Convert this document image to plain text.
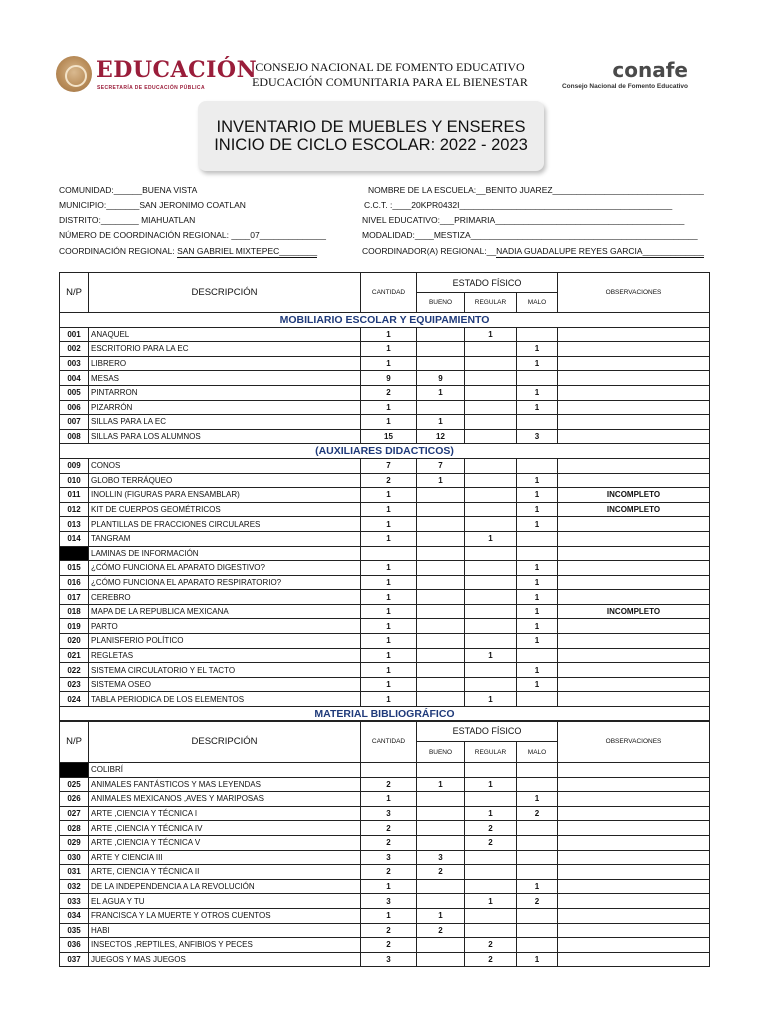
EDUCACIÓN
SECRETARÍA DE EDUCACIÓN PÚBLICA
CONSEJO NACIONAL DE FOMENTO EDUCATIVO
EDUCACIÓN COMUNITARIA PARA EL BIENESTAR	conafe
Consejo Nacional de Fomento Educativo
INVENTARIO DE MUEBLES Y ENSERES
INICIO DE CICLO ESCOLAR: 2022 - 2023
COMUNIDAD:______BUENA VISTA
MUNICIPIO:_______SAN JERONIMO COATLAN
DISTRITO:________ MIAHUATLAN
NÚMERO DE COORDINACIÓN REGIONAL: ____07______________
COORDINACIÓN REGIONAL: SAN GABRIEL MIXTEPEC________
NOMBRE DE LA ESCUELA:__BENITO JUAREZ________________________________
C.C.T. :____20KPR0432I_____________________________________________
NIVEL EDUCATIVO:___PRIMARIA________________________________________
MODALIDAD:____MESTIZA________________________________________________
COORDINADOR(A) REGIONAL:__NADIA GUADALUPE REYES GARCIA_____________
N/P	DESCRIPCIÓN	CANTIDAD	ESTADO FÍSICO			OBSERVACIONES
			BUENO	REGULAR	MALO	
MOBILIARIO ESCOLAR Y EQUIPAMIENTO						
001	ANAQUEL	1		1		
002	ESCRITORIO PARA LA EC	1			1	
003	LIBRERO	1			1	
004	MESAS	9	9			
005	PINTARRON	2	1		1	
006	PIZARRÓN	1			1	
007	SILLAS PARA LA EC	1	1			
008	SILLAS PARA LOS ALUMNOS	15	12		3	
(AUXILIARES DIDACTICOS)						
009	CONOS	7	7			
010	GLOBO TERRÁQUEO	2	1		1	
011	INOLLIN (FIGURAS PARA ENSAMBLAR)	1			1	INCOMPLETO
012	KIT DE CUERPOS GEOMÉTRICOS	1			1	INCOMPLETO
013	PLANTILLAS DE FRACCIONES CIRCULARES	1			1	
014	TANGRAM	1		1		
	LAMINAS DE INFORMACIÓN					
015	¿CÓMO FUNCIONA EL APARATO DIGESTIVO?	1			1	
016	¿CÓMO FUNCIONA EL APARATO RESPIRATORIO?	1			1	
017	CEREBRO	1			1	
018	MAPA DE LA REPUBLICA MEXICANA	1			1	INCOMPLETO
019	PARTO	1			1	
020	PLANISFERIO POLÍTICO	1			1	
021	REGLETAS	1		1		
022	SISTEMA CIRCULATORIO Y EL TACTO	1			1	
023	SISTEMA OSEO	1			1	
024	TABLA PERIODICA DE LOS ELEMENTOS	1		1		
MATERIAL BIBLIOGRÁFICO						
N/P	DESCRIPCIÓN	CANTIDAD	ESTADO FÍSICO			OBSERVACIONES
			BUENO	REGULAR	MALO	
	COLIBRÍ					
025	ANIMALES FANTÁSTICOS Y MAS LEYENDAS	2	1	1		
026	ANIMALES MEXICANOS ,AVES Y MARIPOSAS	1			1	
027	ARTE ,CIENCIA Y TÉCNICA I	3		1	2	
028	ARTE ,CIENCIA Y TÉCNICA IV	2		2		
029	ARTE ,CIENCIA Y TÉCNICA V	2		2		
030	ARTE Y CIENCIA III	3	3			
031	ARTE, CIENCIA Y TÉCNICA II	2	2			
032	DE LA INDEPENDENCIA A LA REVOLUCIÓN	1			1	
033	EL AGUA Y TU	3		1	2	
034	FRANCISCA Y LA MUERTE Y OTROS CUENTOS	1	1			
035	HABI	2	2			
036	INSECTOS ,REPTILES, ANFIBIOS Y PECES	2		2		
037	JUEGOS Y MAS JUEGOS	3		2	1	
